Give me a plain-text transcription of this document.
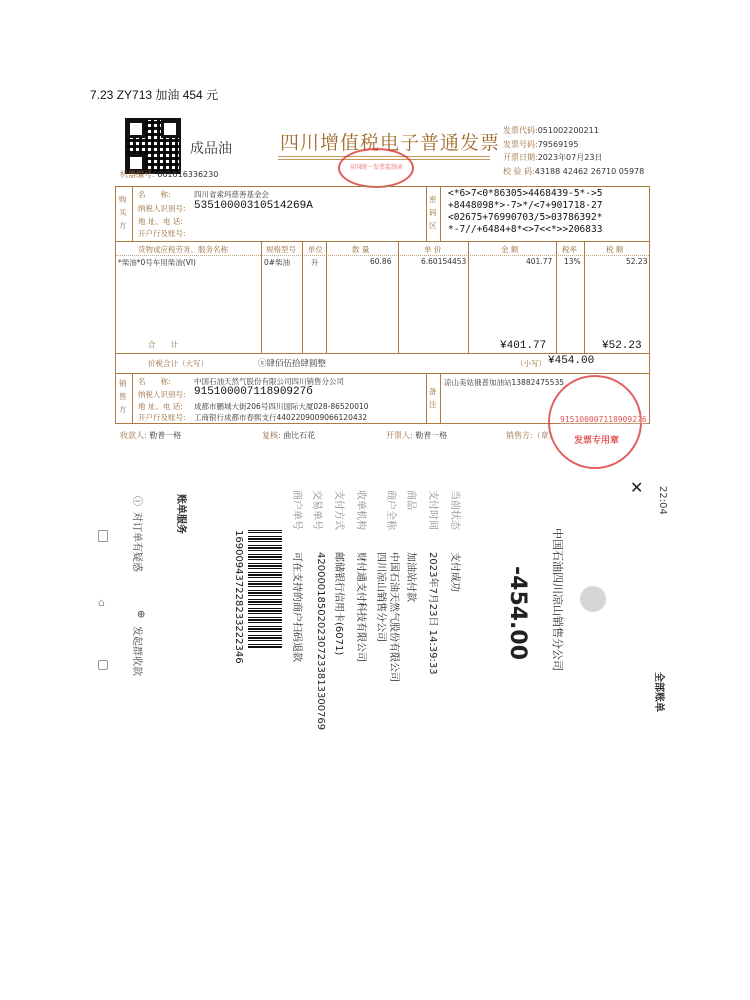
7.23 ZY713 加油 454 元
成品油	四川增值税电子普通发票
全国统一发票监制章
发票代码:051002200211
发票号码:79569195
开票日期:2023年07月23日
校 验 码:43188 42462 26710 05978
机器编号: 661616336230
购买方
名　　称:	四川省索玛慈善基金会
纳税人识别号: 53510000310514269A
地 址、电 话:
开户行及账号:
密码区
<*6>7<0*86305>4468439-5*->5
+8448098*>-7>*/<7+901718-27
<02675+76990703/5>03786392*
*-7//+6484+8*<>7<<*>>206833
货物或应税劳务、服务名称	规格型号 单位	数 量	单 价	金 额	税率	税 额
*柴油*0号车用柴油(VI)	0#柴油	升	60.86	6.60154453	401.77 13%	52.23
合　　计	¥401.77	¥52.23
价税合计（大写）	ⓧ肆佰伍拾肆圆整	（小写） ¥454.00
销售方
名　　称:	中国石油天然气股份有限公司四川销售分公司
纳税人识别号: 91510000711890927б
地 址、电 话: 成都市鹏城大街206号四川国际大厦028-86520010
开户行及账号: 工商银行成都市春熙支行4402209009066120432
备注
凉山美姑俄普加油站13882475535
915100007118909276
发票专用章
收款人: 勒普一格	复核: 曲比石花	开票人: 勒普一格	销售方:（章）
✕ 22:04
全部账单
中国石油四川凉山销售分公司
-454.00
当前状态
支付成功
支付时间
2023年7月23日 14:39:33
商品
加油站付款
商户全称
中国石油天然气股份有限公司四川凉山销售分公司
收单机构
财付通支付科技有限公司
支付方式
邮储银行信用卡(6071)
交易单号
4200001850202307233813300769
商户单号
可在支持的商户扫码退款
169009437228233222346
账单服务
ⓘ
对订单有疑惑
⊕
发起群收款
⌂
